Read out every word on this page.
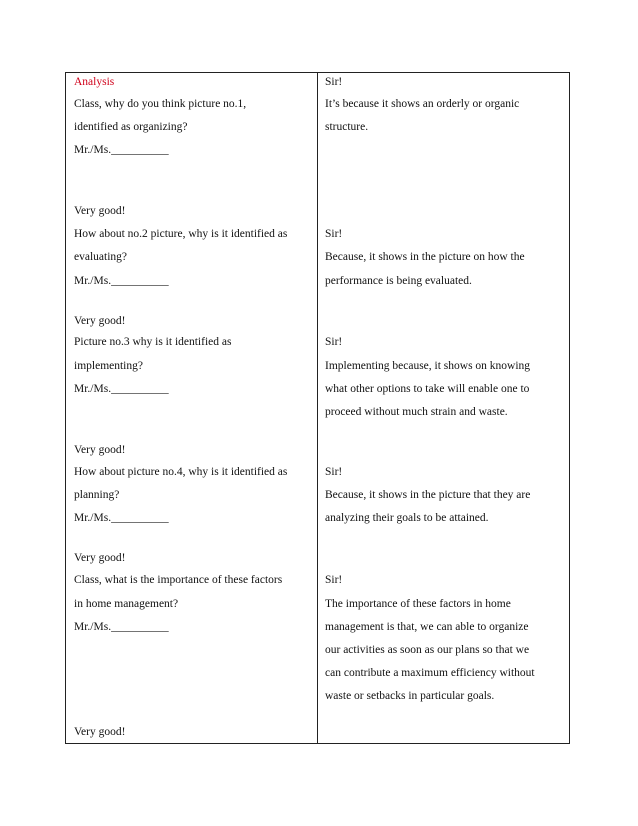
Analysis
Class, why do you think picture no.1,
identified as organizing?
Mr./Ms.__________
Very good!
How about no.2 picture, why is it identified as
evaluating?
Mr./Ms.__________
Very good!
Picture no.3 why is it identified as
implementing?
Mr./Ms.__________
Very good!
How about picture no.4, why is it identified as
planning?
Mr./Ms.__________
Very good!
Class, what is the importance of these factors
in home management?
Mr./Ms.__________
Very good!
Sir!
It’s because it shows an orderly or organic
structure.
Sir!
Because, it shows in the picture on how the
performance is being evaluated.
Sir!
Implementing because, it shows on knowing
what other options to take will enable one to
proceed without much strain and waste.
Sir!
Because, it shows in the picture that they are
analyzing their goals to be attained.
Sir!
The importance of these factors in home
management is that, we can able to organize
our activities as soon as our plans so that we
can contribute a maximum efficiency without
waste or setbacks in particular goals.
